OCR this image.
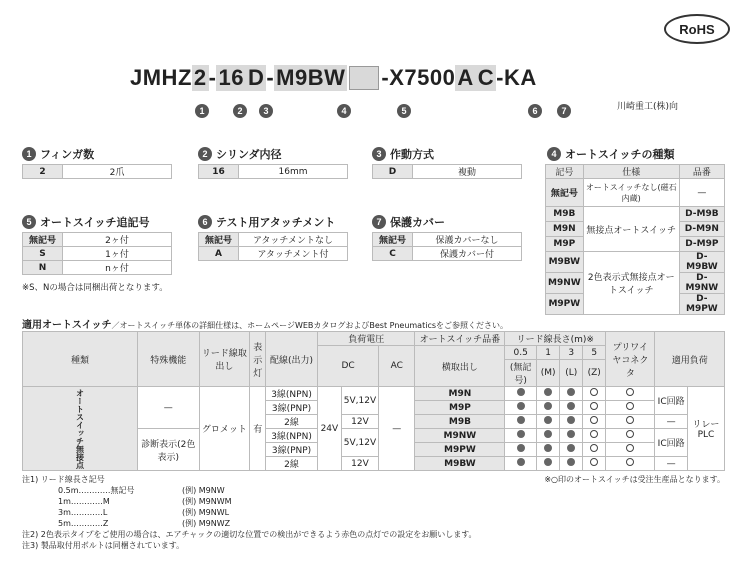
RoHS
JMHZ 2 - 16 D - M9BW -X7500 A C -KA
川崎重工(株)向
1	2	3	4	5	6	7
1 フィンガ数
2	2爪
2 シリンダ内径
16	16mm
3 作動方式
D	複動
4 オートスイッチの種類
記号	仕様	品番
無記号	オートスイッチなし(磁石内蔵)	—
M9B	無接点オートスイッチ	D-M9B
M9N		D-M9N
M9P		D-M9P
M9BW	2色表示式無接点オートスイッチ	D-M9BW
M9NW		D-M9NW
M9PW		D-M9PW
5 オートスイッチ追記号
無記号	2ヶ付
S	1ヶ付
N	nヶ付
※S、Nの場合は同梱出荷となります。
6 テスト用アタッチメント
無記号	アタッチメントなし
A	アタッチメント付
7 保護カバー
無記号	保護カバーなし
C	保護カバー付
適用オートスイッチ／オートスイッチ単体の詳細仕様は、ホームページWEBカタログおよびBest Pneumaticsをご参照ください。
種類	特殊機能	リード線取出し	表示灯	配線(出力)	負荷電圧			オートスイッチ品番	リード線長さ(m)※				プリワイヤコネクタ	適用負荷	
					DC		AC	横取出し	0.5	1	3	5			
									(無記号)	(M)	(L)	(Z)			
オートスイッチ無接点	—	グロメット	有	3線(NPN)	24V	5V,12V	—	M9N						IC回路	リレーPLC
				3線(PNP)				M9P							
				2線		12V		M9B						—	
	診断表示(2色表示)			3線(NPN)		5V,12V		M9NW						IC回路	
				3線(PNP)				M9PW							
				2線		12V		M9BW						—	
注1) リード線長さ記号	※○印のオートスイッチは受注生産品となります。
0.5m…………無記号	(例) M9NW
1m…………M	(例) M9NWM
3m…………L	(例) M9NWL
5m…………Z	(例) M9NWZ
注2) 2色表示タイプをご使用の場合は、エアチャックの適切な位置での検出ができるよう赤色の点灯での設定をお願いします。
注3) 製品取付用ボルトは同梱されています。
